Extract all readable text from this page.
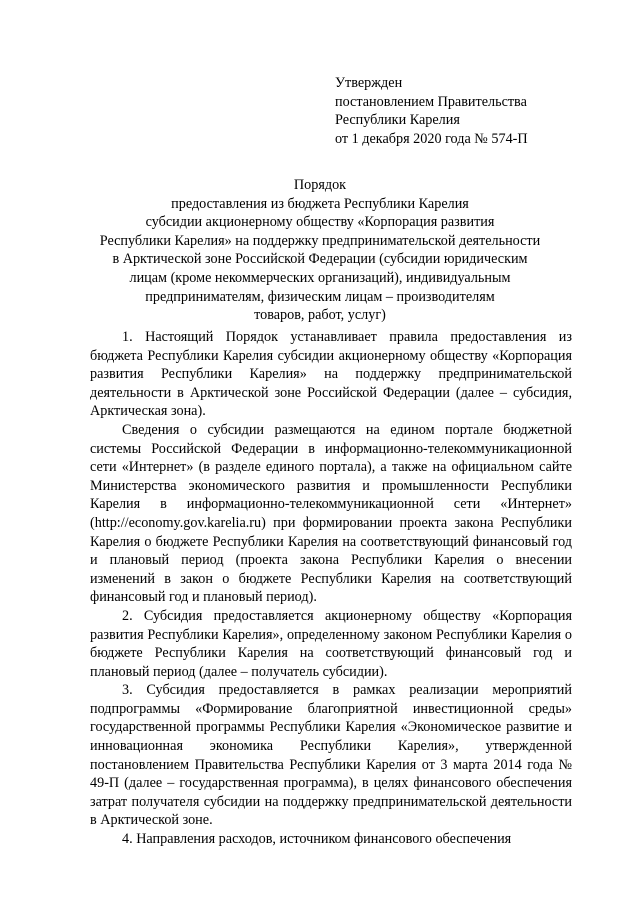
Утвержден
постановлением Правительства
Республики Карелия
от 1 декабря 2020 года № 574-П
Порядок
предоставления из бюджета Республики Карелия
субсидии акционерному обществу «Корпорация развития
Республики Карелия» на поддержку предпринимательской деятельности
в Арктической зоне Российской Федерации (субсидии юридическим
лицам (кроме некоммерческих организаций), индивидуальным
предпринимателям, физическим лицам – производителям
товаров, работ, услуг)

1. Настоящий Порядок устанавливает правила предоставления из бюджета Республики Карелия субсидии акционерному обществу «Корпорация развития Республики Карелия» на поддержку предпринимательской деятельности в Арктической зоне Российской Федерации (далее – субсидия, Арктическая зона).

Сведения о субсидии размещаются на едином портале бюджетной системы Российской Федерации в информационно-телекоммуникационной сети «Интернет» (в разделе единого портала), а также на официальном сайте Министерства экономического развития и промышленности Республики Карелия в информационно-телекоммуникационной сети «Интернет» (http://economy.gov.karelia.ru) при формировании проекта закона Республики Карелия о бюджете Республики Карелия на соответствующий финансовый год и плановый период (проекта закона Республики Карелия о внесении изменений в закон о бюджете Республики Карелия на соответствующий финансовый год и плановый период).

2. Субсидия предоставляется акционерному обществу «Корпорация развития Республики Карелия», определенному законом Республики Карелия о бюджете Республики Карелия на соответствующий финансовый год и плановый период (далее – получатель субсидии).

3. Субсидия предоставляется в рамках реализации мероприятий подпрограммы «Формирование благоприятной инвестиционной среды» государственной программы Республики Карелия «Экономическое развитие и инновационная экономика Республики Карелия», утвержденной постановлением Правительства Республики Карелия от 3 марта 2014 года № 49-П (далее – государственная программа), в целях финансового обеспечения затрат получателя субсидии на поддержку предпринимательской деятельности в Арктической зоне.

4. Направления расходов, источником финансового обеспечения
